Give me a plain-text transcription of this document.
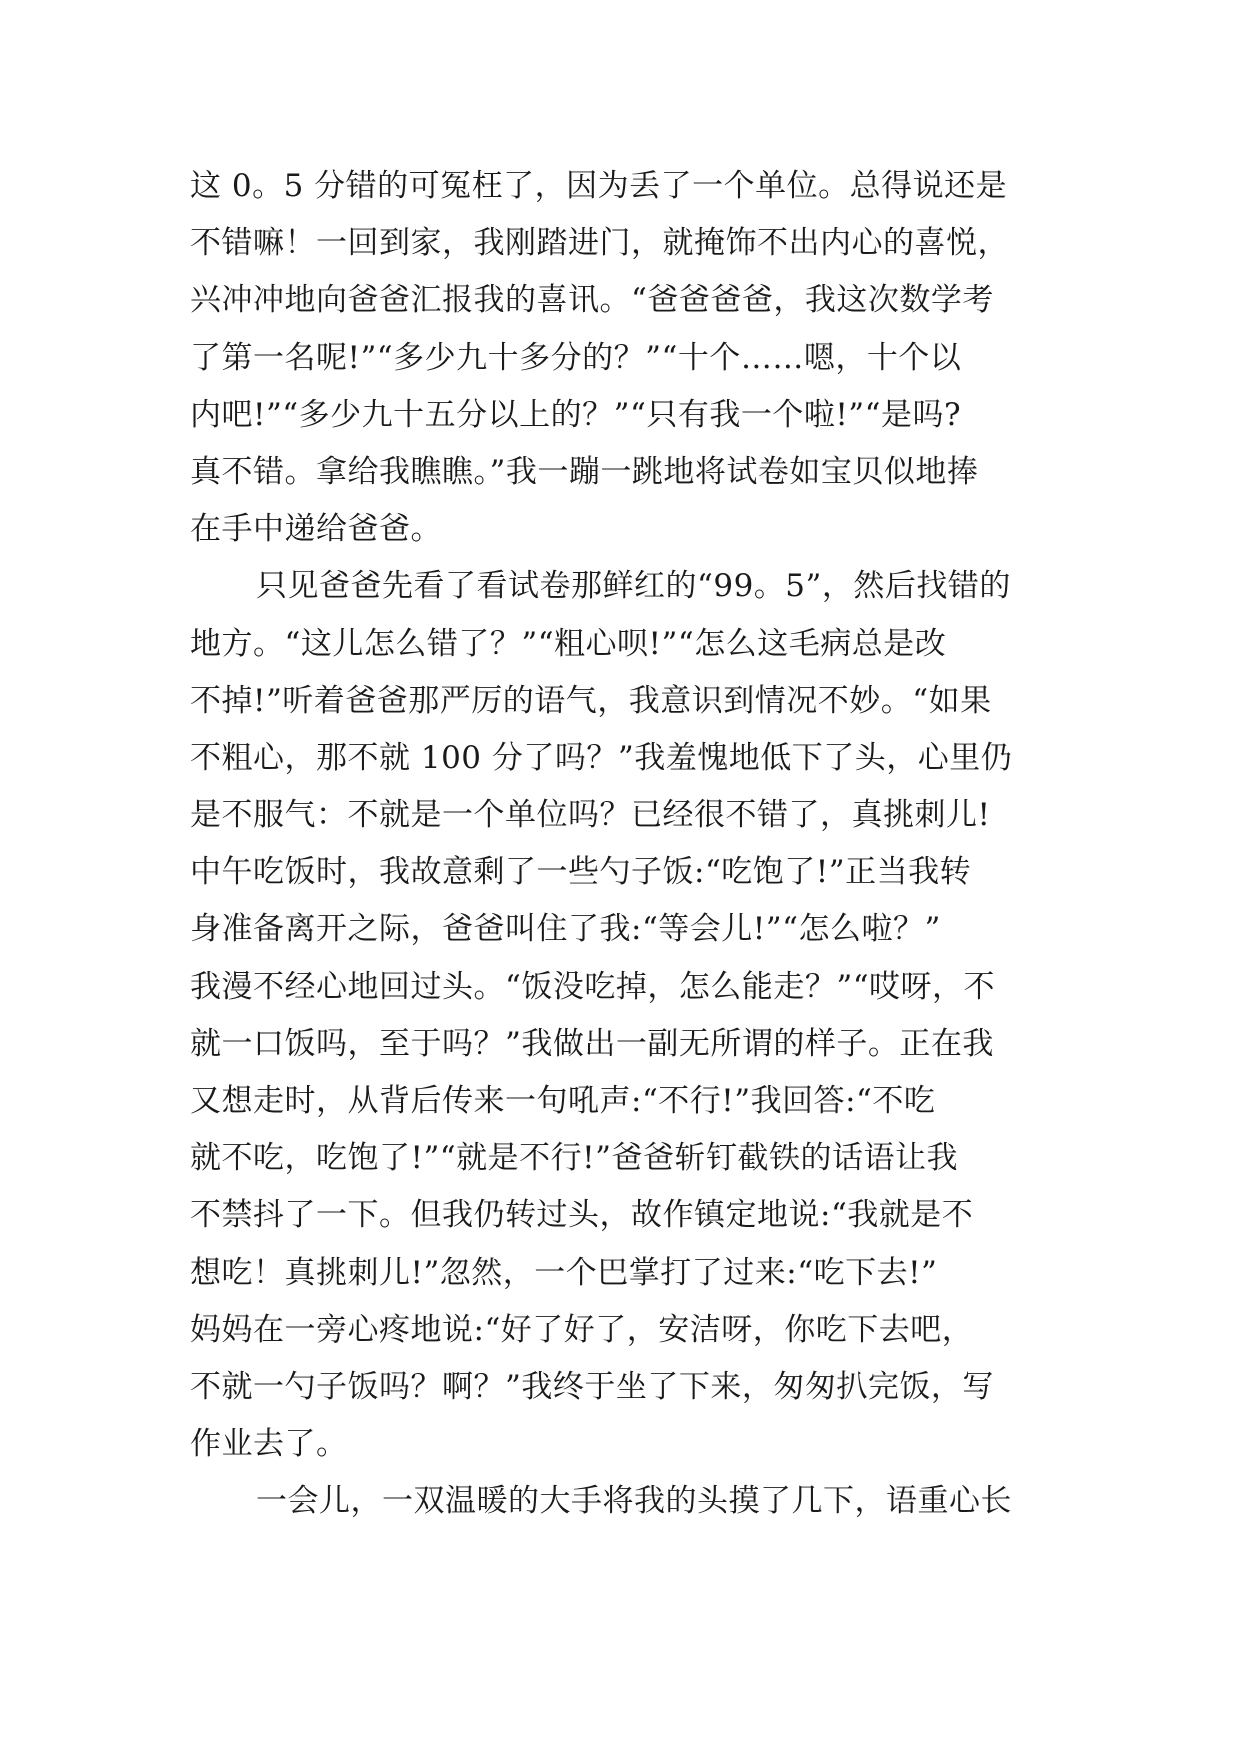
这 0。5 分错的可冤枉了，因为丢了一个单位。总得说还是
不错嘛！一回到家，我刚踏进门，就掩饰不出内心的喜悦，
兴冲冲地向爸爸汇报我的喜讯。“爸爸爸爸，我这次数学考
了第一名呢!”“多少九十多分的？”“十个……嗯，十个以
内吧!”“多少九十五分以上的？”“只有我一个啦!”“是吗?
真不错。拿给我瞧瞧。”我一蹦一跳地将试卷如宝贝似地捧
在手中递给爸爸。
只见爸爸先看了看试卷那鲜红的“99。5”，然后找错的
地方。“这儿怎么错了？”“粗心呗!”“怎么这毛病总是改
不掉!”听着爸爸那严厉的语气，我意识到情况不妙。“如果
不粗心，那不就 100 分了吗？”我羞愧地低下了头，心里仍
是不服气：不就是一个单位吗？已经很不错了，真挑刺儿!
中午吃饭时，我故意剩了一些勺子饭:“吃饱了!”正当我转
身准备离开之际，爸爸叫住了我:“等会儿!”“怎么啦？”
我漫不经心地回过头。“饭没吃掉，怎么能走？”“哎呀，不
就一口饭吗，至于吗？”我做出一副无所谓的样子。正在我
又想走时，从背后传来一句吼声:“不行!”我回答:“不吃
就不吃，吃饱了!”“就是不行!”爸爸斩钉截铁的话语让我
不禁抖了一下。但我仍转过头，故作镇定地说:“我就是不
想吃！真挑刺儿!”忽然，一个巴掌打了过来:“吃下去!”
妈妈在一旁心疼地说:“好了好了，安洁呀，你吃下去吧，
不就一勺子饭吗？啊？”我终于坐了下来，匆匆扒完饭，写
作业去了。
一会儿，一双温暖的大手将我的头摸了几下，语重心长
